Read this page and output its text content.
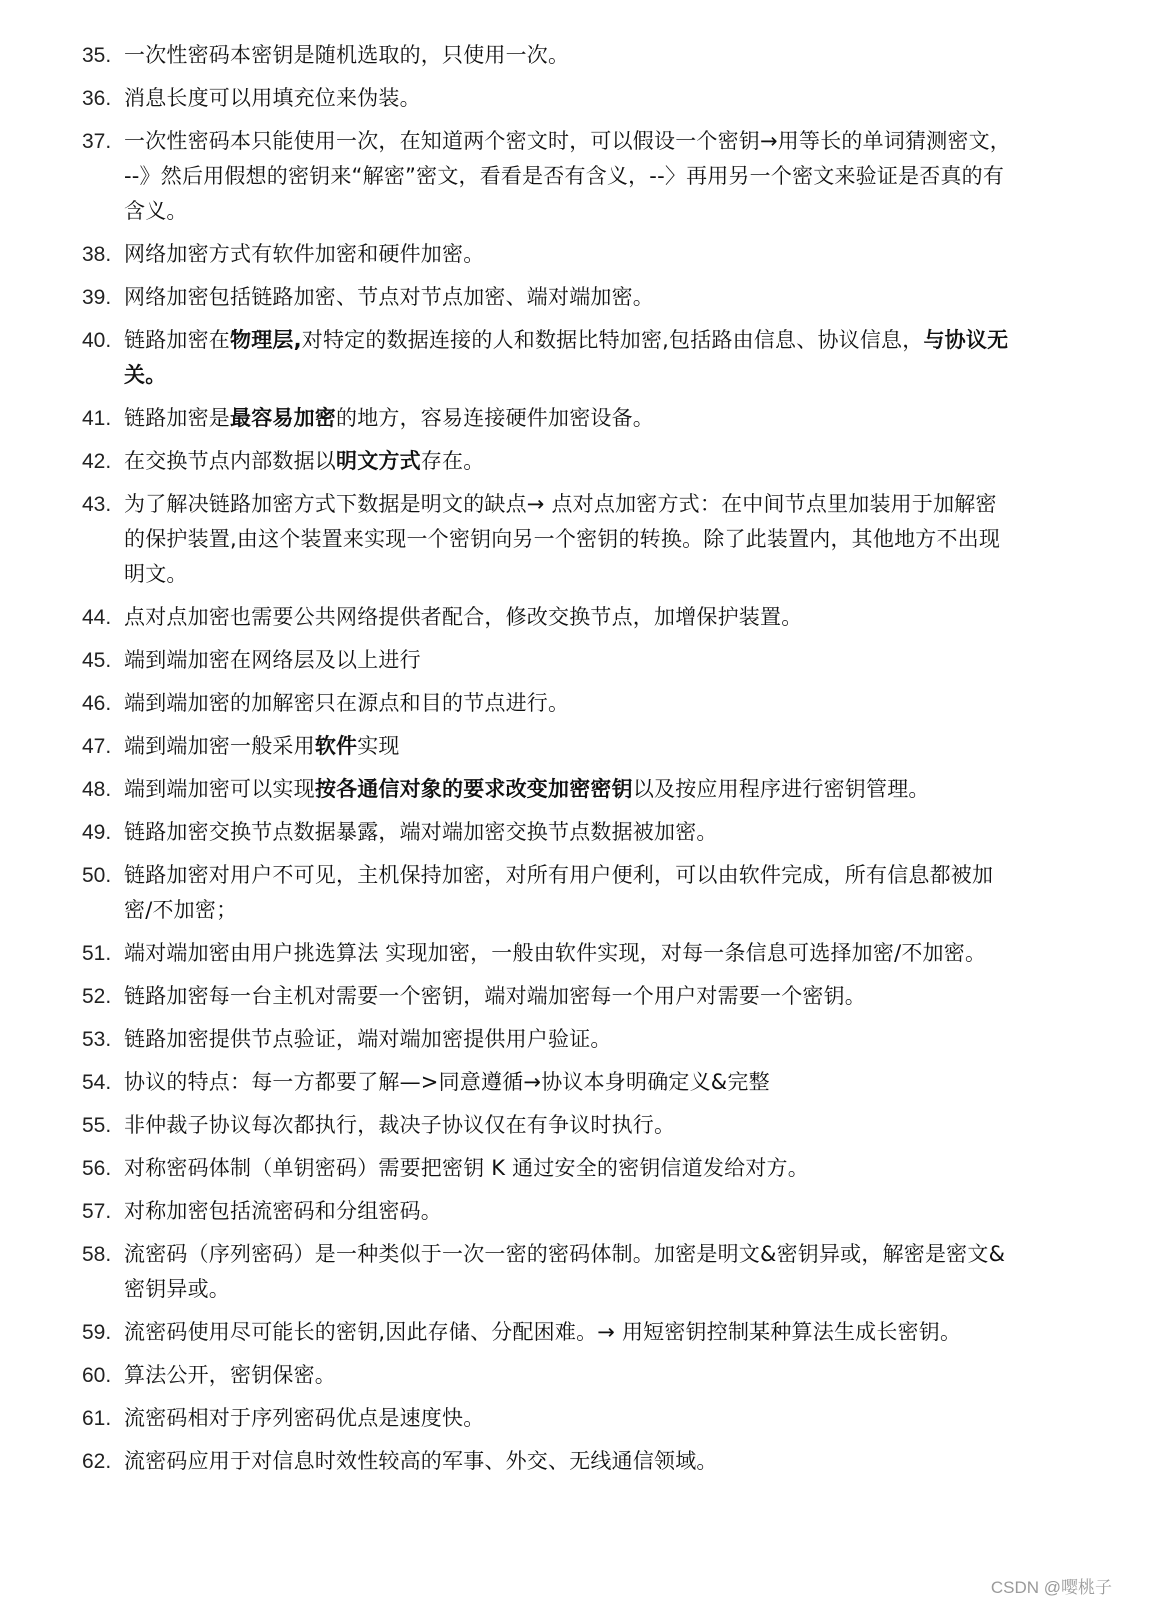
35. 一次性密码本密钥是随机选取的，只使用一次。
36. 消息长度可以用填充位来伪装。
37. 一次性密码本只能使用一次，在知道两个密文时，可以假设一个密钥→用等长的单词猜测密文，--》然后用假想的密钥来“解密”密文，看看是否有含义，--〉再用另一个密文来验证是否真的有含义。
38. 网络加密方式有软件加密和硬件加密。
39. 网络加密包括链路加密、节点对节点加密、端对端加密。
40. 链路加密在物理层,对特定的数据连接的人和数据比特加密,包括路由信息、协议信息，与协议无关。
41. 链路加密是最容易加密的地方，容易连接硬件加密设备。
42. 在交换节点内部数据以明文方式存在。
43. 为了解决链路加密方式下数据是明文的缺点→ 点对点加密方式：在中间节点里加装用于加解密的保护装置,由这个装置来实现一个密钥向另一个密钥的转换。除了此装置内，其他地方不出现明文。
44. 点对点加密也需要公共网络提供者配合，修改交换节点，加增保护装置。
45. 端到端加密在网络层及以上进行
46. 端到端加密的加解密只在源点和目的节点进行。
47. 端到端加密一般采用软件实现
48. 端到端加密可以实现按各通信对象的要求改变加密密钥以及按应用程序进行密钥管理。
49. 链路加密交换节点数据暴露，端对端加密交换节点数据被加密。
50. 链路加密对用户不可见，主机保持加密，对所有用户便利，可以由软件完成，所有信息都被加密/不加密；
51. 端对端加密由用户挑选算法 实现加密，一般由软件实现，对每一条信息可选择加密/不加密。
52. 链路加密每一台主机对需要一个密钥，端对端加密每一个用户对需要一个密钥。
53. 链路加密提供节点验证，端对端加密提供用户验证。
54. 协议的特点：每一方都要了解—>同意遵循→协议本身明确定义&完整
55. 非仲裁子协议每次都执行，裁决子协议仅在有争议时执行。
56. 对称密码体制（单钥密码）需要把密钥 K 通过安全的密钥信道发给对方。
57. 对称加密包括流密码和分组密码。
58. 流密码（序列密码）是一种类似于一次一密的密码体制。加密是明文&密钥异或，解密是密文&密钥异或。
59. 流密码使用尽可能长的密钥,因此存储、分配困难。→ 用短密钥控制某种算法生成长密钥。
60. 算法公开，密钥保密。
61. 流密码相对于序列密码优点是速度快。
62. 流密码应用于对信息时效性较高的军事、外交、无线通信领域。
CSDN @嘤桃子
